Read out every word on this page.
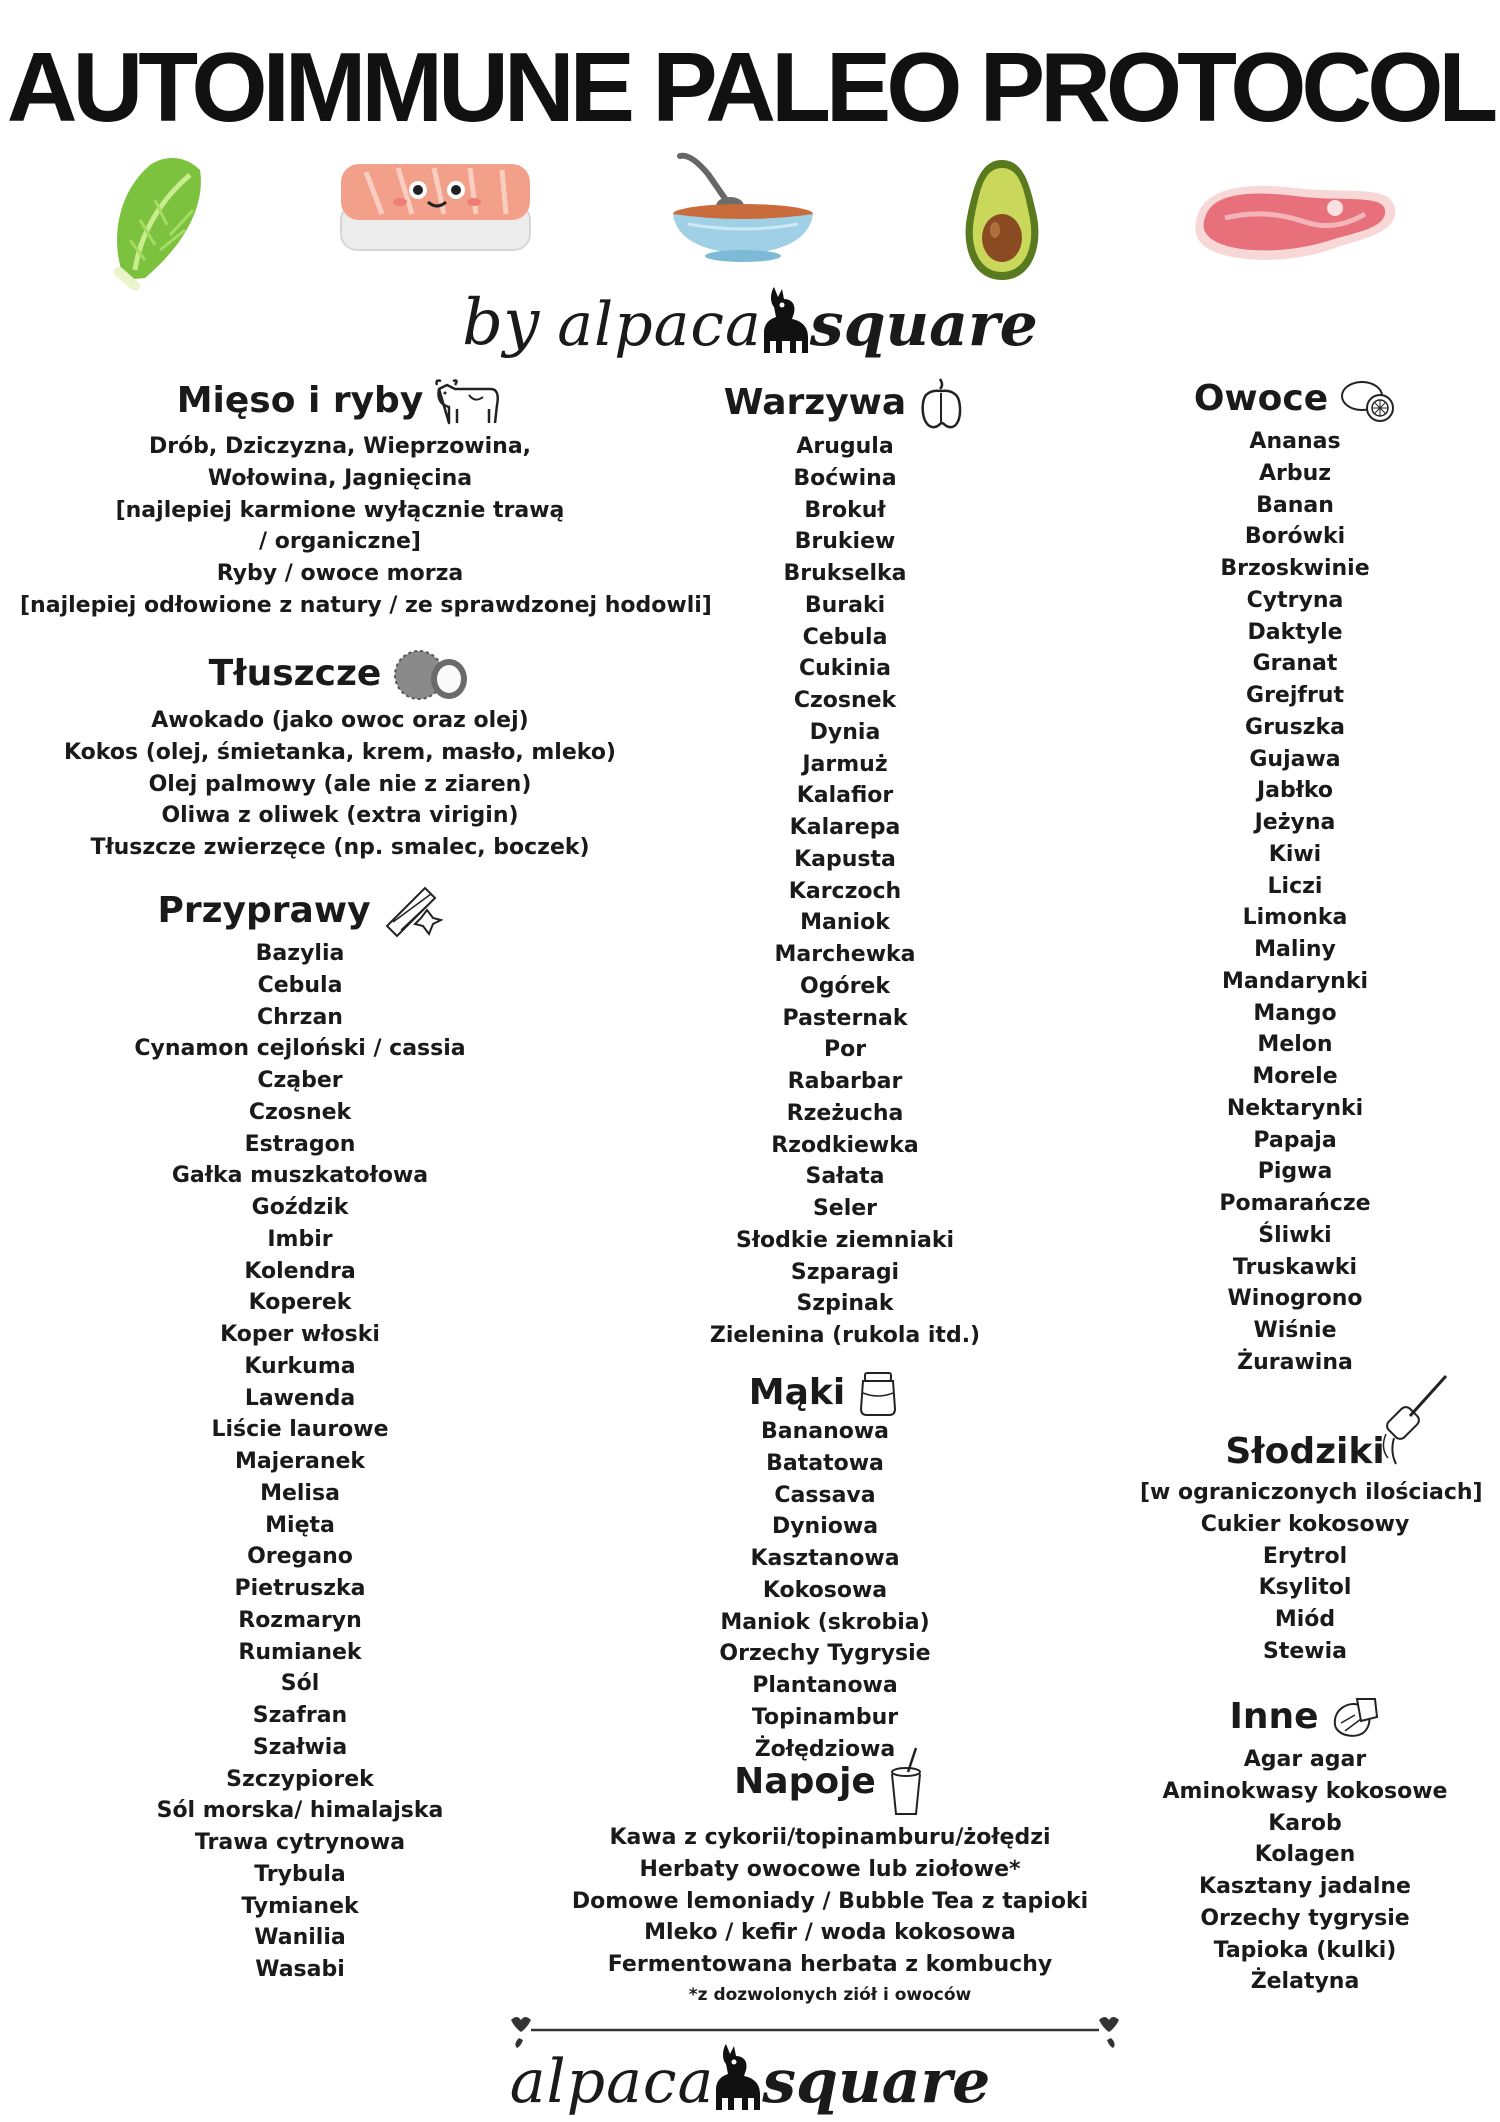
AUTOIMMUNE PALEO PROTOCOL
by alpaca square
Mięso i ryby
Drób, Dziczyzna, Wieprzowina,
Wołowina, Jagnięcina
[najlepiej karmione wyłącznie trawą
/ organiczne]
Ryby / owoce morza
[najlepiej odłowione z natury / ze sprawdzonej hodowli]
Tłuszcze
Awokado (jako owoc oraz olej)
Kokos (olej, śmietanka, krem, masło, mleko)
Olej palmowy (ale nie z ziaren)
Oliwa z oliwek (extra virigin)
Tłuszcze zwierzęce (np. smalec, boczek)
Przyprawy
Bazylia
Cebula
Chrzan
Cynamon cejloński / cassia
Cząber
Czosnek
Estragon
Gałka muszkatołowa
Goździk
Imbir
Kolendra
Koperek
Koper włoski
Kurkuma
Lawenda
Liście laurowe
Majeranek
Melisa
Mięta
Oregano
Pietruszka
Rozmaryn
Rumianek
Sól
Szafran
Szałwia
Szczypiorek
Sól morska/ himalajska
Trawa cytrynowa
Trybula
Tymianek
Wanilia
Wasabi
Warzywa
Arugula
Boćwina
Brokuł
Brukiew
Brukselka
Buraki
Cebula
Cukinia
Czosnek
Dynia
Jarmuż
Kalafior
Kalarepa
Kapusta
Karczoch
Maniok
Marchewka
Ogórek
Pasternak
Por
Rabarbar
Rzeżucha
Rzodkiewka
Sałata
Seler
Słodkie ziemniaki
Szparagi
Szpinak
Zielenina (rukola itd.)
Mąki
Bananowa
Batatowa
Cassava
Dyniowa
Kasztanowa
Kokosowa
Maniok (skrobia)
Orzechy Tygrysie
Plantanowa
Topinambur
Żołędziowa
Napoje
Kawa z cykorii/topinamburu/żołędzi
Herbaty owocowe lub ziołowe*
Domowe lemoniady / Bubble Tea z tapioki
Mleko / kefir / woda kokosowa
Fermentowana herbata z kombuchy
*z dozwolonych ziół i owoców
Owoce
Ananas
Arbuz
Banan
Borówki
Brzoskwinie
Cytryna
Daktyle
Granat
Grejfrut
Gruszka
Gujawa
Jabłko
Jeżyna
Kiwi
Liczi
Limonka
Maliny
Mandarynki
Mango
Melon
Morele
Nektarynki
Papaja
Pigwa
Pomarańcze
Śliwki
Truskawki
Winogrono
Wiśnie
Żurawina
Słodziki
[w ograniczonych ilościach]
Cukier kokosowy
Erytrol
Ksylitol
Miód
Stewia
Inne
Agar agar
Aminokwasy kokosowe
Karob
Kolagen
Kasztany jadalne
Orzechy tygrysie
Tapioka (kulki)
Żelatyna
alpaca square
